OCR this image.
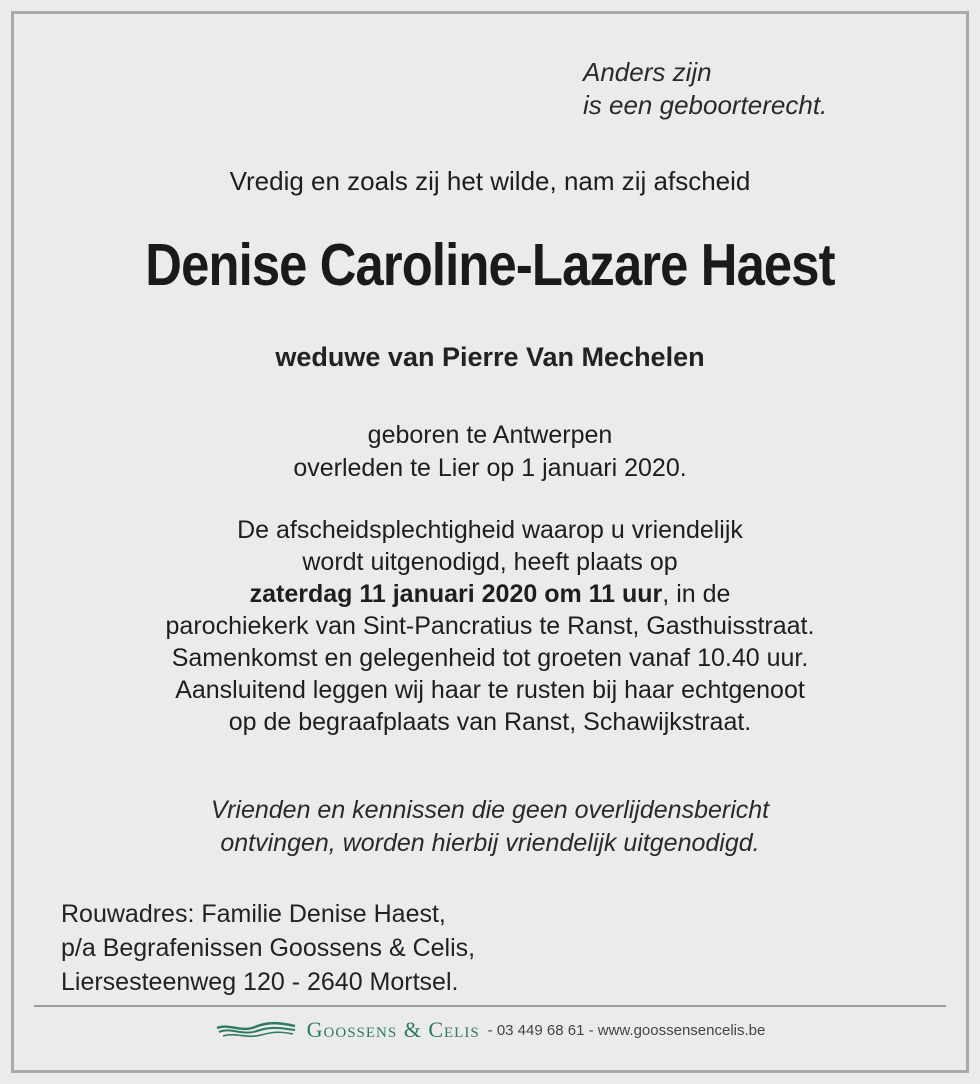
Anders zijn
is een geboorterecht.
Vredig en zoals zij het wilde, nam zij afscheid
Denise Caroline-Lazare Haest
weduwe van Pierre Van Mechelen
geboren te Antwerpen
overleden te Lier op 1 januari 2020.
De afscheidsplechtigheid waarop u vriendelijk
wordt uitgenodigd, heeft plaats op
zaterdag 11 januari 2020 om 11 uur, in de
parochiekerk van Sint-Pancratius te Ranst, Gasthuisstraat.
Samenkomst en gelegenheid tot groeten vanaf 10.40 uur.
Aansluitend leggen wij haar te rusten bij haar echtgenoot
op de begraafplaats van Ranst, Schawijkstraat.
Vrienden en kennissen die geen overlijdensbericht
ontvingen, worden hierbij vriendelijk uitgenodigd.
Rouwadres: Familie Denise Haest,
p/a Begrafenissen Goossens & Celis,
Liersesteenweg 120 - 2640 Mortsel.
Goossens & Celis - 03 449 68 61 - www.goossensencelis.be
